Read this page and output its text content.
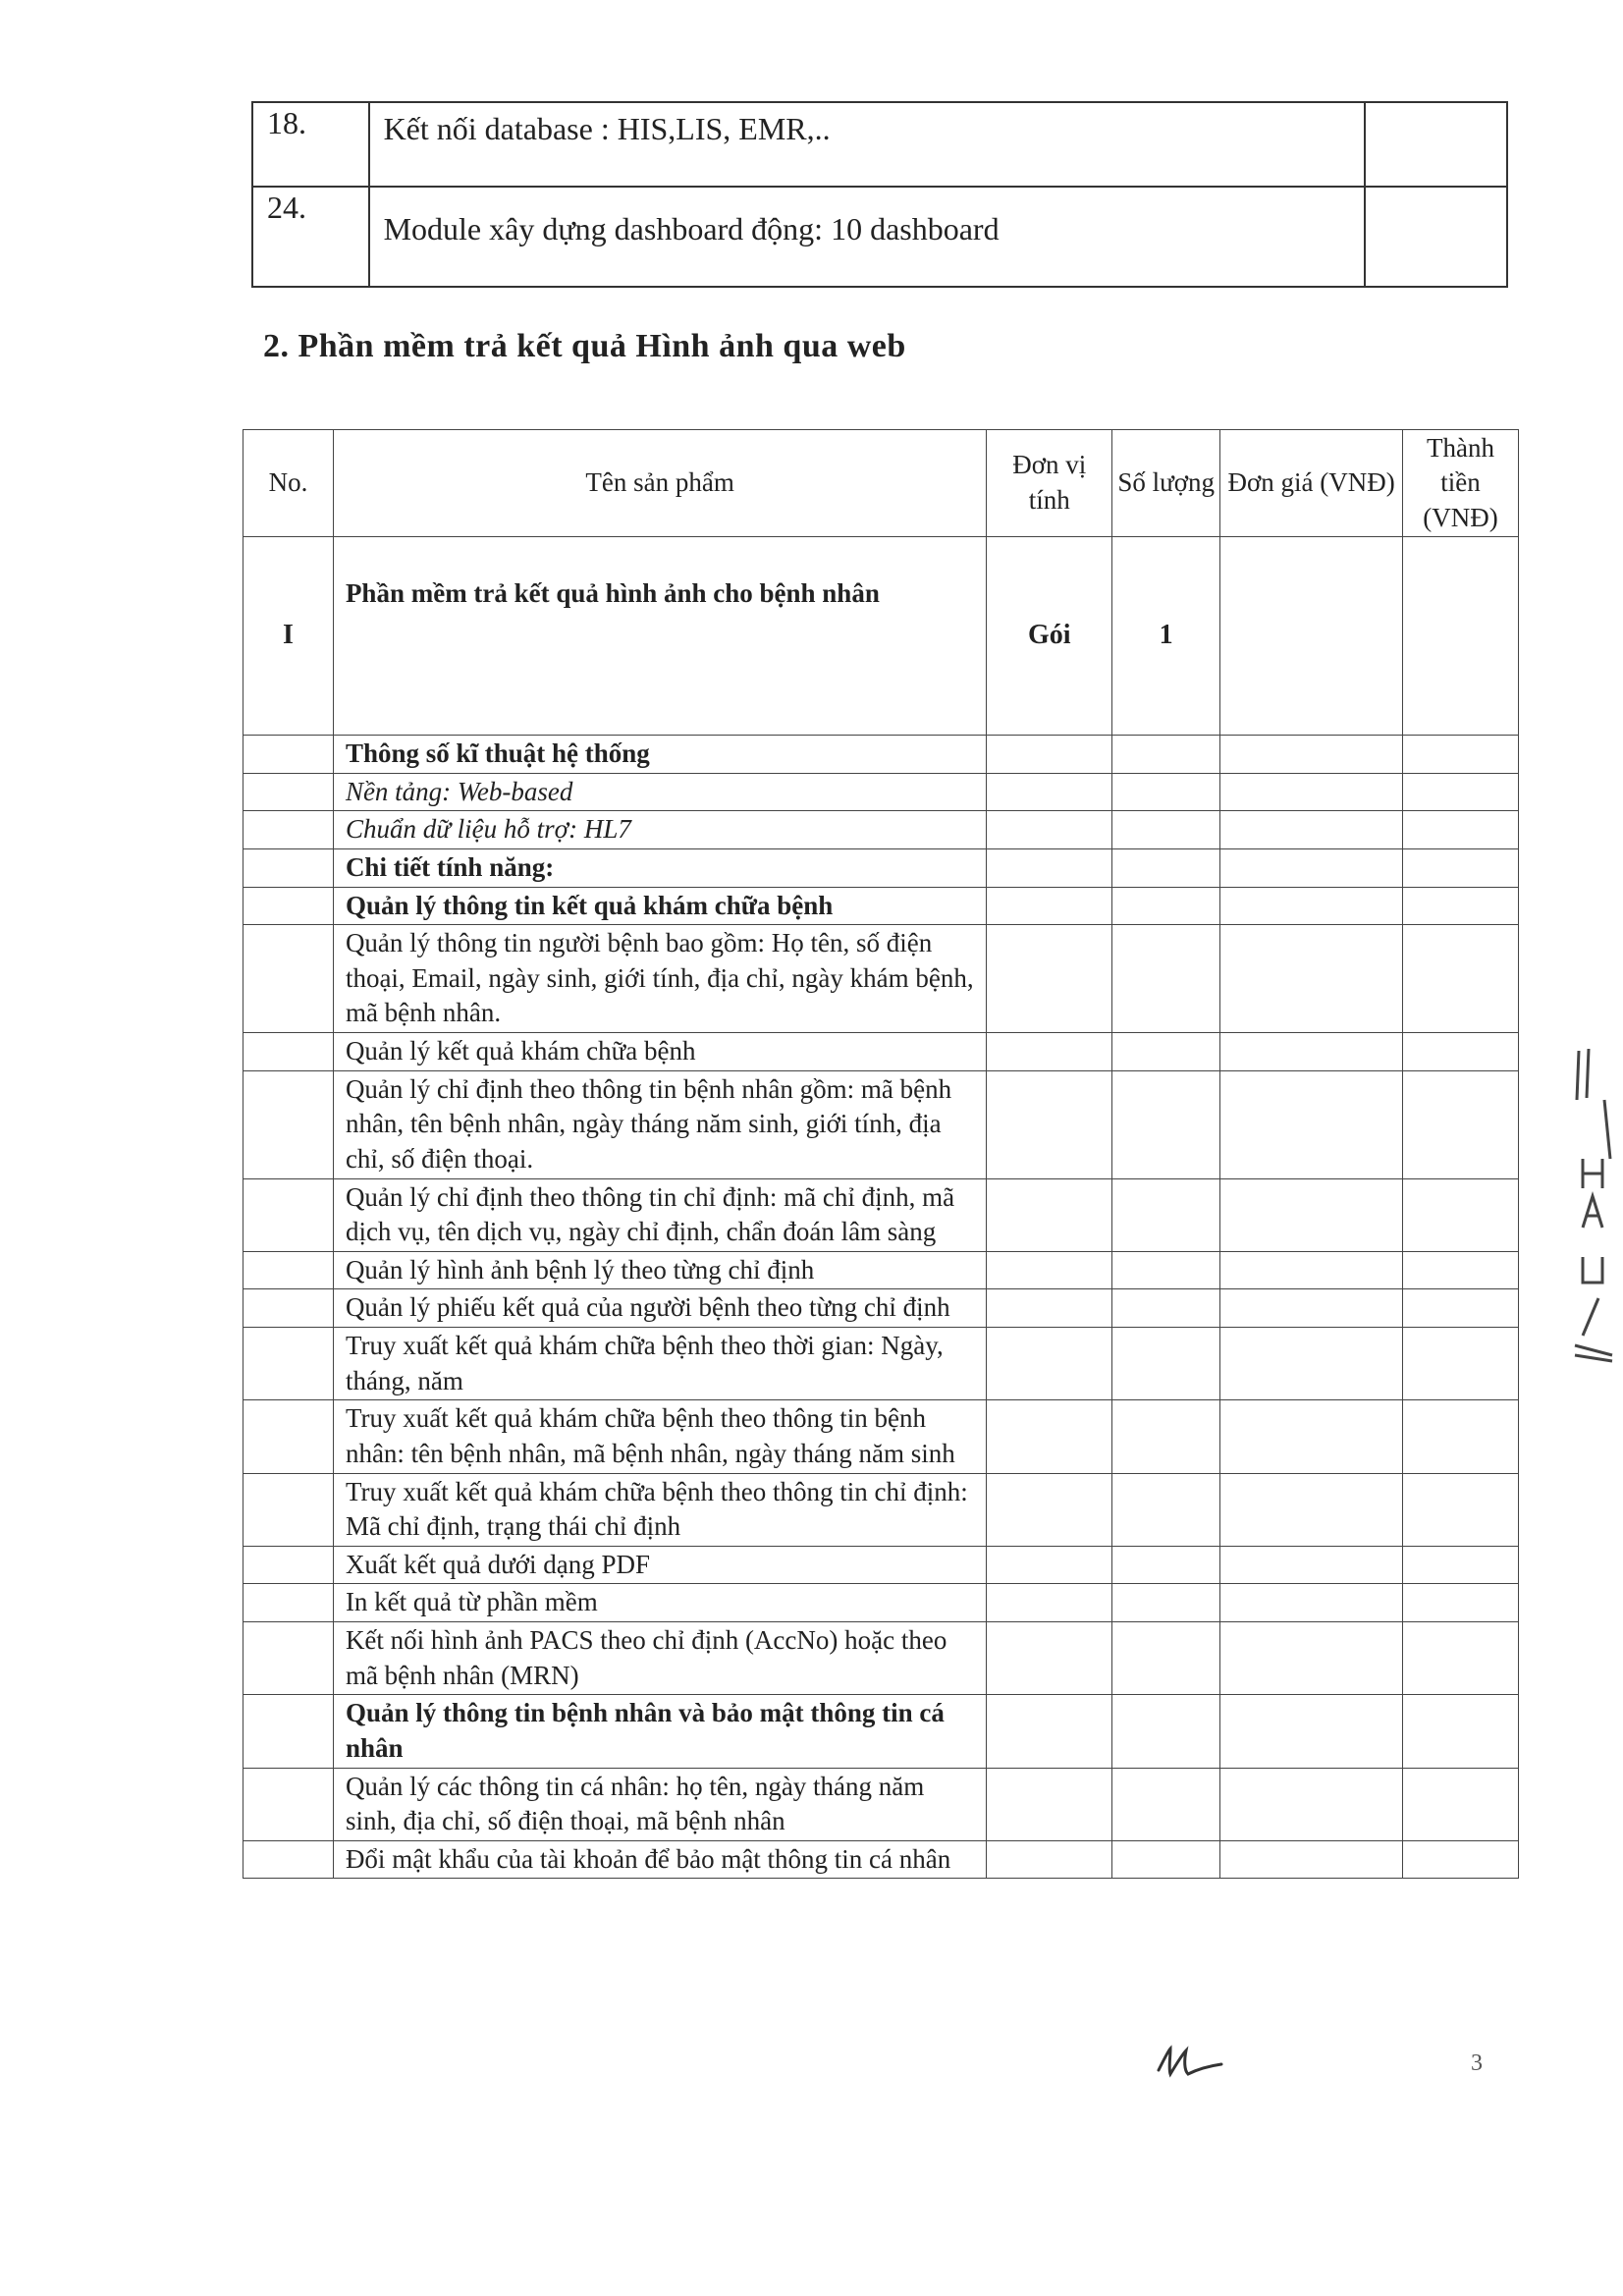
18.	Kết nối database : HIS,LIS, EMR,..	
24.	Module xây dựng dashboard động: 10 dashboard	
2. Phần mềm trả kết quả Hình ảnh qua web
No.	Tên sản phẩm	Đơn vị tính	Số lượng	Đơn giá (VNĐ)	Thành tiền (VNĐ)
I	Phần mềm trả kết quả hình ảnh cho bệnh nhân	Gói	1		
	Thông số kĩ thuật hệ thống				
	Nền tảng: Web-based				
	Chuẩn dữ liệu hỗ trợ: HL7				
	Chi tiết tính năng:				
	Quản lý thông tin kết quả khám chữa bệnh				
	Quản lý thông tin người bệnh bao gồm: Họ tên, số điện thoại, Email, ngày sinh, giới tính, địa chỉ, ngày khám bệnh, mã bệnh nhân.				
	Quản lý kết quả khám chữa bệnh				
	Quản lý chỉ định theo thông tin bệnh nhân gồm: mã bệnh nhân, tên bệnh nhân, ngày tháng năm sinh, giới tính, địa chỉ, số điện thoại.				
	Quản lý chỉ định theo thông tin chỉ định: mã chỉ định, mã dịch vụ, tên dịch vụ, ngày chỉ định, chẩn đoán lâm sàng				
	Quản lý hình ảnh bệnh lý theo từng chỉ định				
	Quản lý phiếu kết quả của người bệnh theo từng chỉ định				
	Truy xuất kết quả khám chữa bệnh theo thời gian: Ngày, tháng, năm				
	Truy xuất kết quả khám chữa bệnh theo thông tin bệnh nhân: tên bệnh nhân, mã bệnh nhân, ngày tháng năm sinh				
	Truy xuất kết quả khám chữa bệnh theo thông tin chỉ định: Mã chỉ định, trạng thái chỉ định				
	Xuất kết quả dưới dạng PDF				
	In kết quả từ phần mềm				
	Kết nối hình ảnh PACS theo chỉ định (AccNo) hoặc theo mã bệnh nhân (MRN)				
	Quản lý thông tin bệnh nhân và bảo mật thông tin cá nhân				
	Quản lý các thông tin cá nhân: họ tên, ngày tháng năm sinh, địa chỉ, số điện thoại, mã bệnh nhân				
	Đổi mật khẩu của tài khoản để bảo mật thông tin cá nhân				
3
